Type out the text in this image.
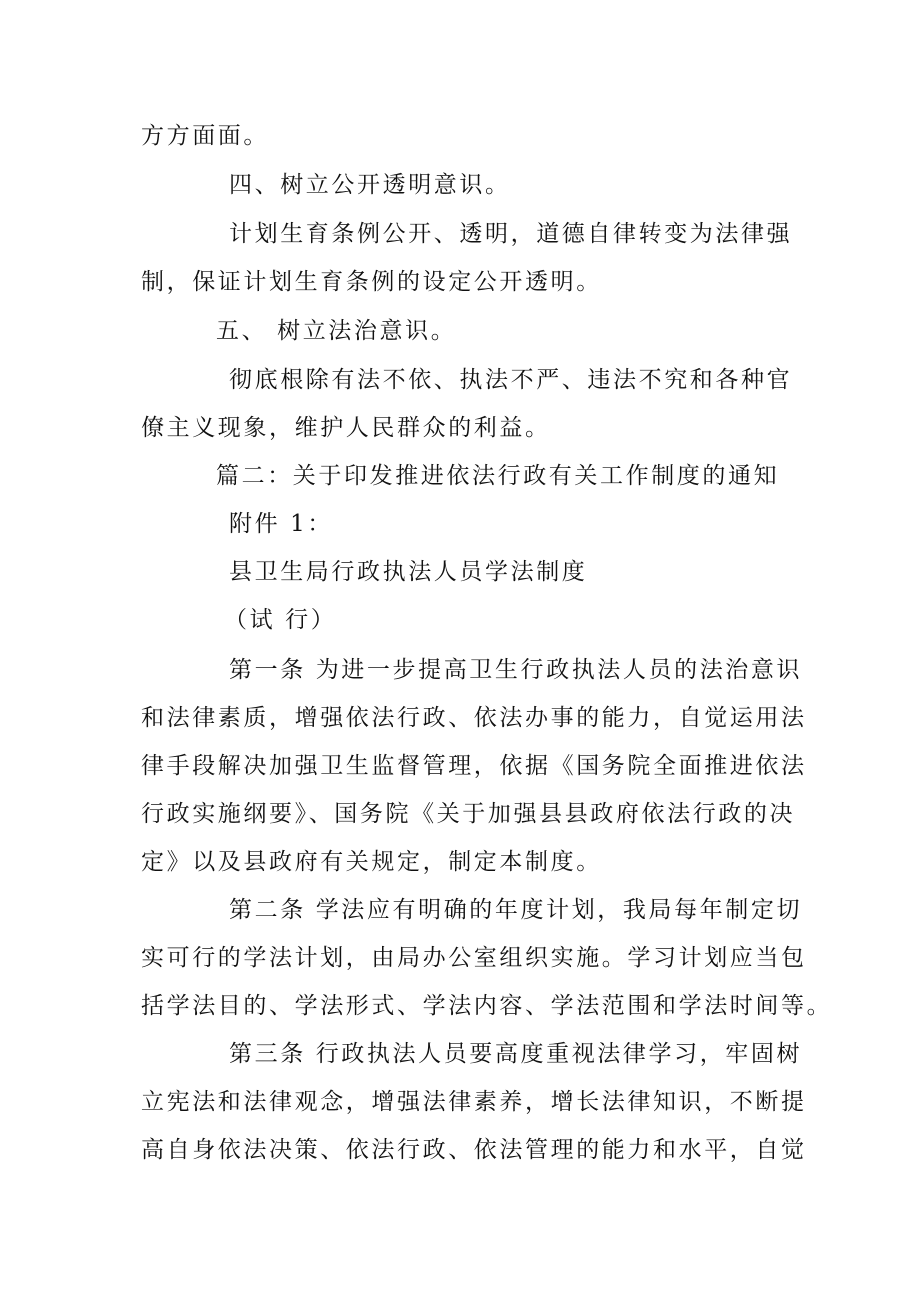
方方面面。
四、树立公开透明意识。
计划生育条例公开、透明，道德自律转变为法律强
制，保证计划生育条例的设定公开透明。
五、 树立法治意识。
彻底根除有法不依、执法不严、违法不究和各种官
僚主义现象，维护人民群众的利益。
篇二：关于印发推进依法行政有关工作制度的通知
附件 1：
县卫生局行政执法人员学法制度
（试 行）
第一条 为进一步提高卫生行政执法人员的法治意识
和法律素质，增强依法行政、依法办事的能力，自觉运用法
律手段解决加强卫生监督管理，依据《国务院全面推进依法
行政实施纲要》、国务院《关于加强县县政府依法行政的决
定》以及县政府有关规定，制定本制度。
第二条 学法应有明确的年度计划，我局每年制定切
实可行的学法计划，由局办公室组织实施。学习计划应当包
括学法目的、学法形式、学法内容、学法范围和学法时间等。
第三条 行政执法人员要高度重视法律学习，牢固树
立宪法和法律观念，增强法律素养，增长法律知识，不断提
高自身依法决策、依法行政、依法管理的能力和水平，自觉
